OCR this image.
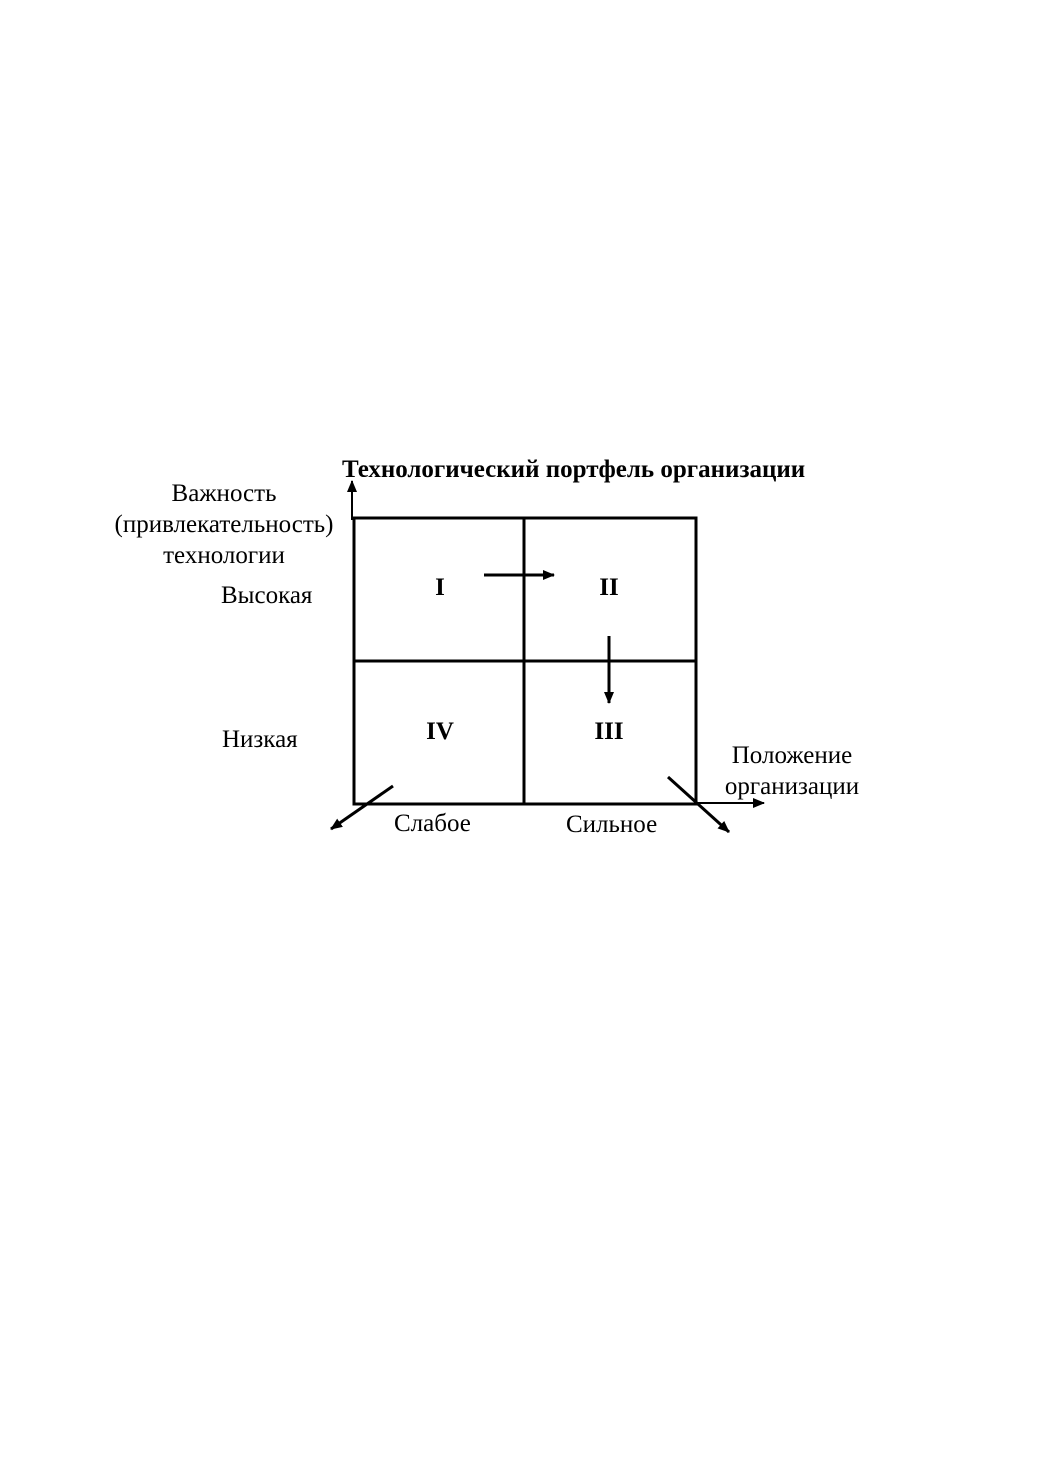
Технологический портфель организации
Важность
(привлекательность)
технологии
Высокая
Низкая
I	II
III
IV
Положение
организации
Слабое	Сильное
